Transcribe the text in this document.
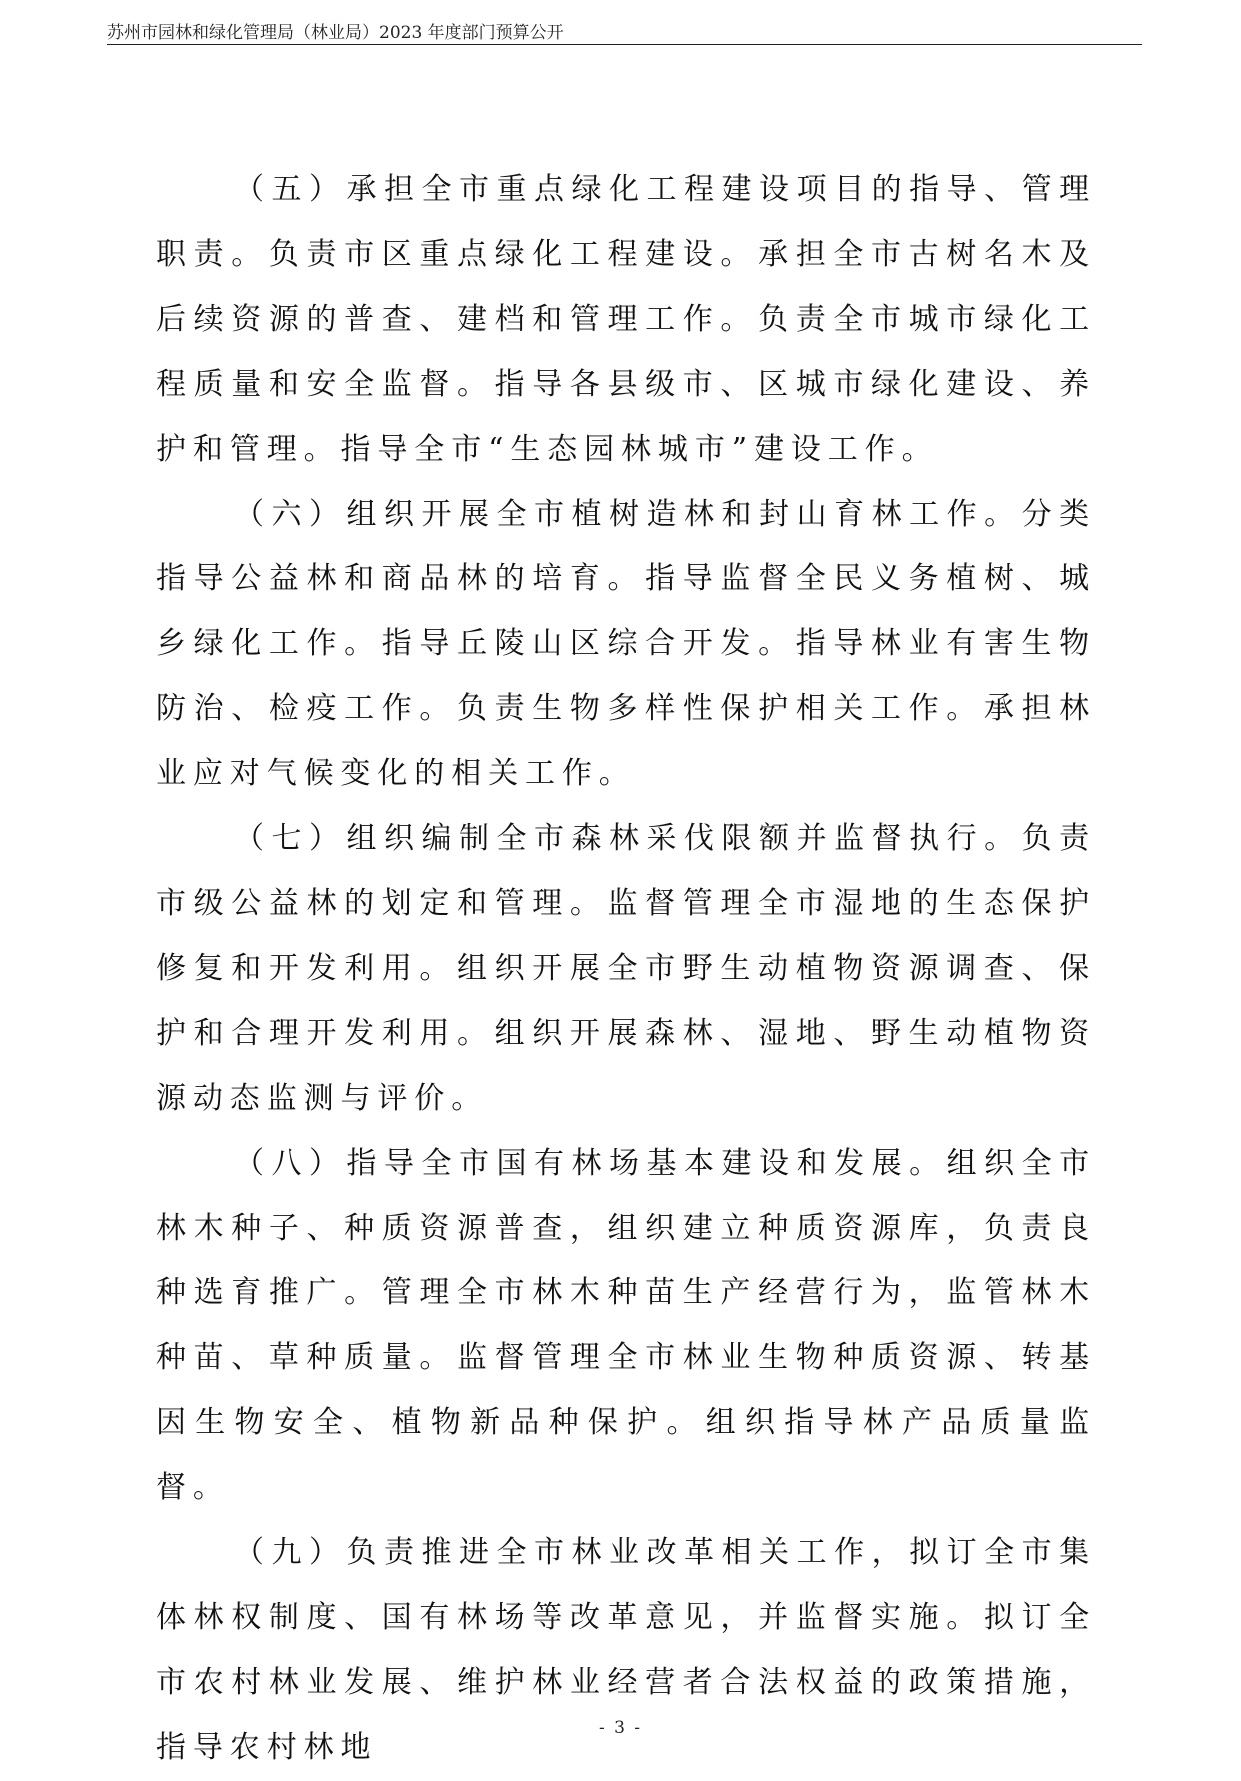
苏州市园林和绿化管理局（林业局）2023 年度部门预算公开

（五）承担全市重点绿化工程建设项目的指导、管理职责。负责市区重点绿化工程建设。承担全市古树名木及后续资源的普查、建档和管理工作。负责全市城市绿化工程质量和安全监督。指导各县级市、区城市绿化建设、养护和管理。指导全市“生态园林城市”建设工作。

（六）组织开展全市植树造林和封山育林工作。分类指导公益林和商品林的培育。指导监督全民义务植树、城乡绿化工作。指导丘陵山区综合开发。指导林业有害生物防治、检疫工作。负责生物多样性保护相关工作。承担林业应对气候变化的相关工作。

（七）组织编制全市森林采伐限额并监督执行。负责市级公益林的划定和管理。监督管理全市湿地的生态保护修复和开发利用。组织开展全市野生动植物资源调查、保护和合理开发利用。组织开展森林、湿地、野生动植物资源动态监测与评价。

（八）指导全市国有林场基本建设和发展。组织全市林木种子、种质资源普查，组织建立种质资源库，负责良种选育推广。管理全市林木种苗生产经营行为，监管林木种苗、草种质量。监督管理全市林业生物种质资源、转基因生物安全、植物新品种保护。组织指导林产品质量监督。

（九）负责推进全市林业改革相关工作，拟订全市集体林权制度、国有林场等改革意见，并监督实施。拟订全市农村林业发展、维护林业经营者合法权益的政策措施，指导农村林地

- 3 -
